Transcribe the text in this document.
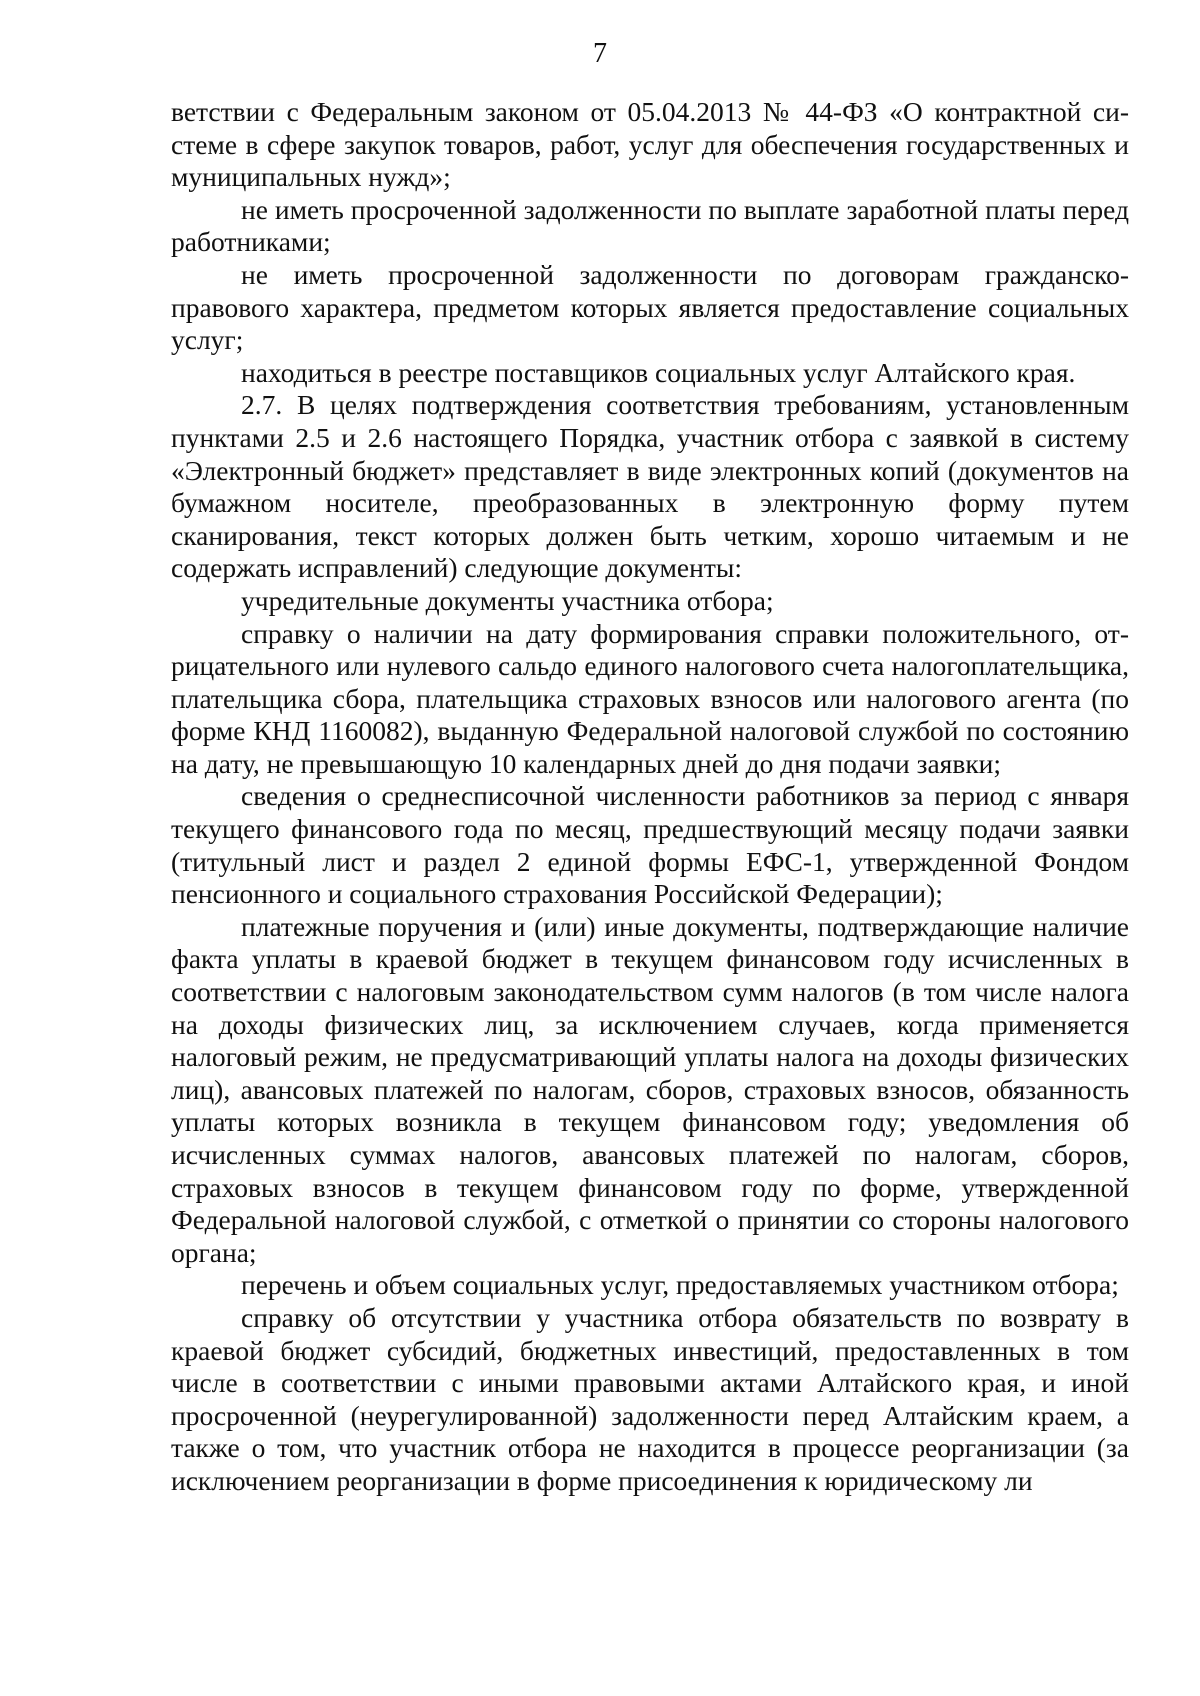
7

ветствии с Федеральным законом от 05.04.2013 № 44-ФЗ «О контрактной системе в сфере закупок товаров, работ, услуг для обеспечения государственных и муниципальных нужд»;

не иметь просроченной задолженности по выплате заработной платы перед работниками;

не иметь просроченной задолженности по договорам гражданско-правового характера, предметом которых является предоставление социальных услуг;

находиться в реестре поставщиков социальных услуг Алтайского края.

2.7. В целях подтверждения соответствия требованиям, установленным пунктами 2.5 и 2.6 настоящего Порядка, участник отбора с заявкой в систему «Электронный бюджет» представляет в виде электронных копий (документов на бумажном носителе, преобразованных в электронную форму путем сканирования, текст которых должен быть четким, хорошо читаемым и не содержать исправлений) следующие документы:

учредительные документы участника отбора;

справку о наличии на дату формирования справки положительного, отрицательного или нулевого сальдо единого налогового счета налогоплательщика, плательщика сбора, плательщика страховых взносов или налогового агента (по форме КНД 1160082), выданную Федеральной налоговой службой по состоянию на дату, не превышающую 10 календарных дней до дня подачи заявки;

сведения о среднесписочной численности работников за период с января текущего финансового года по месяц, предшествующий месяцу подачи заявки (титульный лист и раздел 2 единой формы ЕФС-1, утвержденной Фондом пенсионного и социального страхования Российской Федерации);

платежные поручения и (или) иные документы, подтверждающие наличие факта уплаты в краевой бюджет в текущем финансовом году исчисленных в соответствии с налоговым законодательством сумм налогов (в том числе налога на доходы физических лиц, за исключением случаев, когда применяется налоговый режим, не предусматривающий уплаты налога на доходы физических лиц), авансовых платежей по налогам, сборов, страховых взносов, обязанность уплаты которых возникла в текущем финансовом году; уведомления об исчисленных суммах налогов, авансовых платежей по налогам, сборов, страховых взносов в текущем финансовом году по форме, утвержденной Федеральной налоговой службой, с отметкой о принятии со стороны налогового органа;

перечень и объем социальных услуг, предоставляемых участником отбора;

справку об отсутствии у участника отбора обязательств по возврату в краевой бюджет субсидий, бюджетных инвестиций, предоставленных в том числе в соответствии с иными правовыми актами Алтайского края, и иной просроченной (неурегулированной) задолженности перед Алтайским краем, а также о том, что участник отбора не находится в процессе реорганизации (за исключением реорганизации в форме присоединения к юридическому ли
